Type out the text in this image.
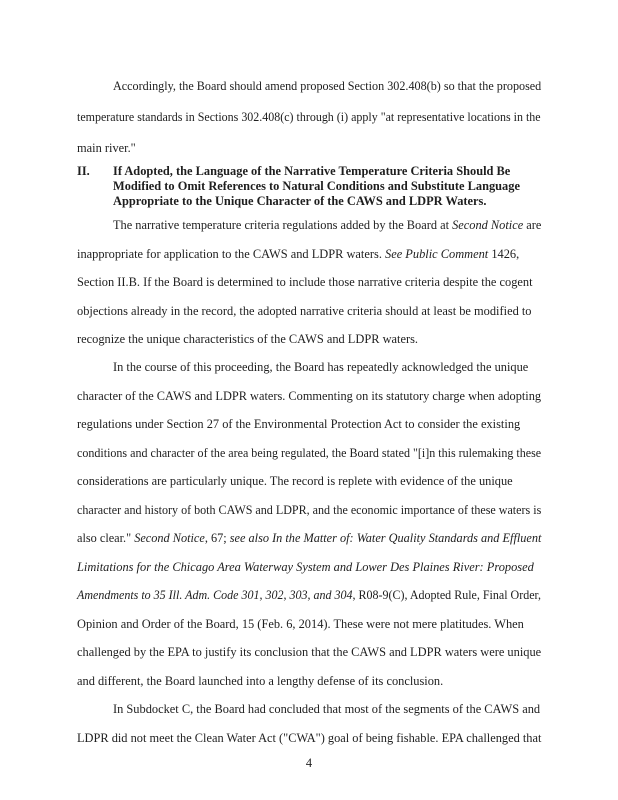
Accordingly, the Board should amend proposed Section 302.408(b) so that the proposed
temperature standards in Sections 302.408(c) through (i) apply "at representative locations in the
main river."
II. If Adopted, the Language of the Narrative Temperature Criteria Should Be
Modified to Omit References to Natural Conditions and Substitute Language
Appropriate to the Unique Character of the CAWS and LDPR Waters.
The narrative temperature criteria regulations added by the Board at Second Notice are
inappropriate for application to the CAWS and LDPR waters. See Public Comment 1426,
Section II.B. If the Board is determined to include those narrative criteria despite the cogent
objections already in the record, the adopted narrative criteria should at least be modified to
recognize the unique characteristics of the CAWS and LDPR waters.
In the course of this proceeding, the Board has repeatedly acknowledged the unique
character of the CAWS and LDPR waters. Commenting on its statutory charge when adopting
regulations under Section 27 of the Environmental Protection Act to consider the existing
conditions and character of the area being regulated, the Board stated "[i]n this rulemaking these
considerations are particularly unique. The record is replete with evidence of the unique
character and history of both CAWS and LDPR, and the economic importance of these waters is
also clear." Second Notice, 67; see also In the Matter of: Water Quality Standards and Effluent
Limitations for the Chicago Area Waterway System and Lower Des Plaines River: Proposed
Amendments to 35 Ill. Adm. Code 301, 302, 303, and 304, R08-9(C), Adopted Rule, Final Order,
Opinion and Order of the Board, 15 (Feb. 6, 2014). These were not mere platitudes. When
challenged by the EPA to justify its conclusion that the CAWS and LDPR waters were unique
and different, the Board launched into a lengthy defense of its conclusion.
In Subdocket C, the Board had concluded that most of the segments of the CAWS and
LDPR did not meet the Clean Water Act ("CWA") goal of being fishable. EPA challenged that
4
